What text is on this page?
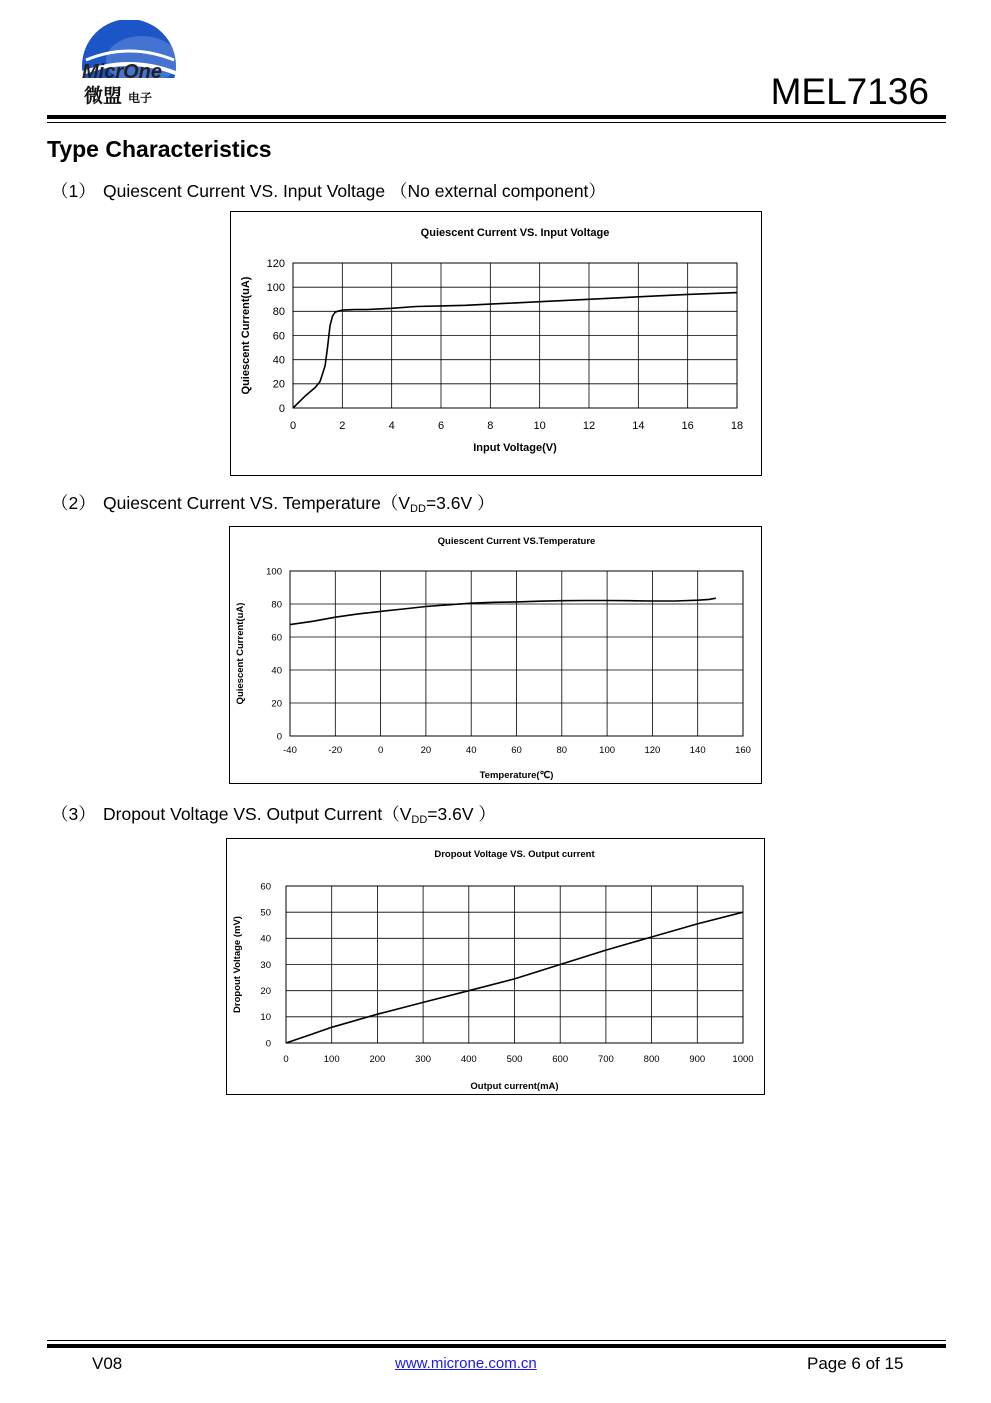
MicrOne
微盟 电子	MEL7136
Type Characteristics
（1） Quiescent Current VS. Input Voltage （No external component）
（2） Quiescent Current VS. $Temperature(V_{DD}=3.6V$ ）
（3） Dropout Voltage VS. Output $Current(V_{DD}=3.6V$ ）
Quiescent Current VS. Input Voltage
0	2	4	6	8	10	12	14	16	18
0
20
40
60
80
100
120
Input Voltage(V)
Quiescent Current(uA)
Quiescent Current VS.Temperature
-40	-20	0	20	40	60	80	100	120	140	160
0
20
40
60
80
100
Temperature(℃)
Quiescent Current(uA)
Dropout Voltage VS. Output current
0	100	200	300	400	500	600	700	800	900	1000
0
10
20
30
40
50
60
Output current(mA)
Dropout Voltage (mV)
V08	www.microne.com.cn	Page 6 of 15
